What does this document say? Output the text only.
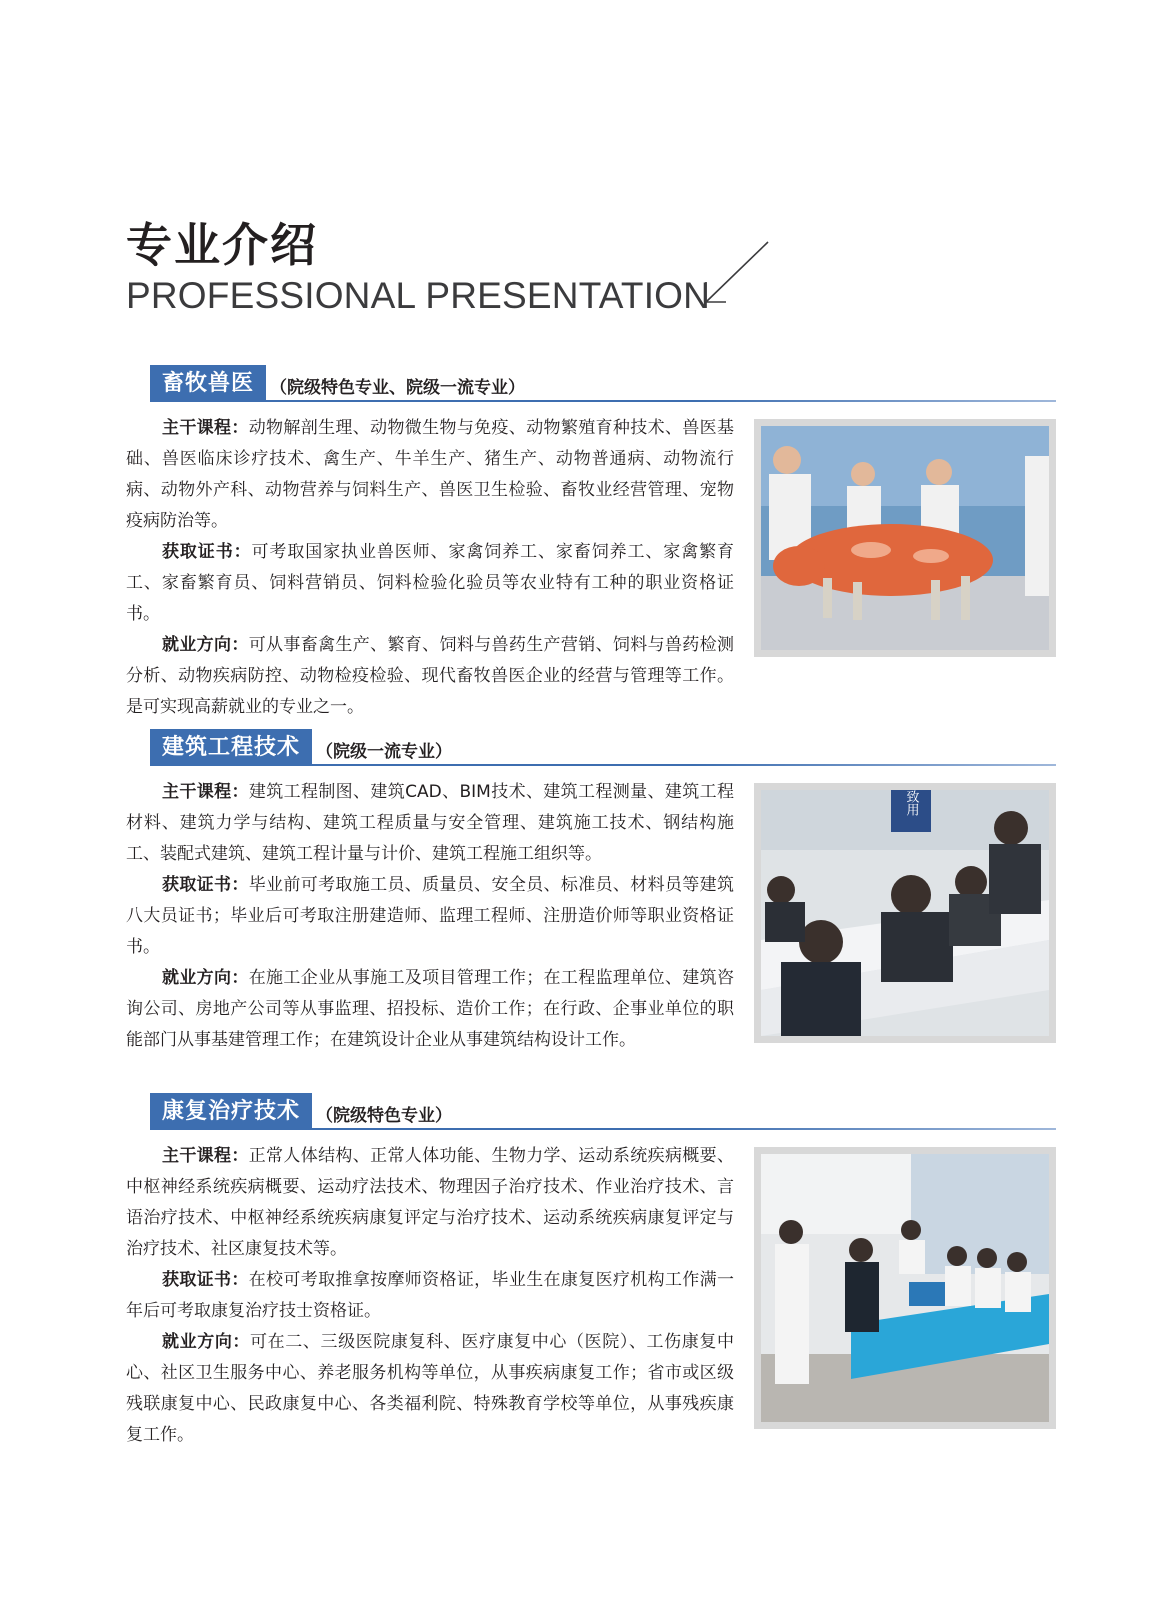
专业介绍
PROFESSIONAL PRESENTATION
畜牧兽医 （院级特色专业、院级一流专业）

主干课程：动物解剖生理、动物微生物与免疫、动物繁殖育种技术、兽医基础、兽医临床诊疗技术、禽生产、牛羊生产、猪生产、动物普通病、动物流行病、动物外产科、动物营养与饲料生产、兽医卫生检验、畜牧业经营管理、宠物疫病防治等。

获取证书：可考取国家执业兽医师、家禽饲养工、家畜饲养工、家禽繁育工、家畜繁育员、饲料营销员、饲料检验化验员等农业特有工种的职业资格证书。

就业方向：可从事畜禽生产、繁育、饲料与兽药生产营销、饲料与兽药检测分析、动物疾病防控、动物检疫检验、现代畜牧兽医企业的经营与管理等工作。是可实现高薪就业的专业之一。

建筑工程技术 （院级一流专业）

主干课程：建筑工程制图、建筑CAD、BIM技术、建筑工程测量、建筑工程材料、建筑力学与结构、建筑工程质量与安全管理、建筑施工技术、钢结构施工、装配式建筑、建筑工程计量与计价、建筑工程施工组织等。

获取证书：毕业前可考取施工员、质量员、安全员、标准员、材料员等建筑八大员证书；毕业后可考取注册建造师、监理工程师、注册造价师等职业资格证书。

就业方向：在施工企业从事施工及项目管理工作；在工程监理单位、建筑咨询公司、房地产公司等从事监理、招投标、造价工作；在行政、企事业单位的职能部门从事基建管理工作；在建筑设计企业从事建筑结构设计工作。

致用
康复治疗技术 （院级特色专业）

主干课程：正常人体结构、正常人体功能、生物力学、运动系统疾病概要、中枢神经系统疾病概要、运动疗法技术、物理因子治疗技术、作业治疗技术、言语治疗技术、中枢神经系统疾病康复评定与治疗技术、运动系统疾病康复评定与治疗技术、社区康复技术等。

获取证书：在校可考取推拿按摩师资格证，毕业生在康复医疗机构工作满一年后可考取康复治疗技士资格证。

就业方向：可在二、三级医院康复科、医疗康复中心（医院）、工伤康复中心、社区卫生服务中心、养老服务机构等单位，从事疾病康复工作；省市或区级残联康复中心、民政康复中心、各类福利院、特殊教育学校等单位，从事残疾康复工作。
